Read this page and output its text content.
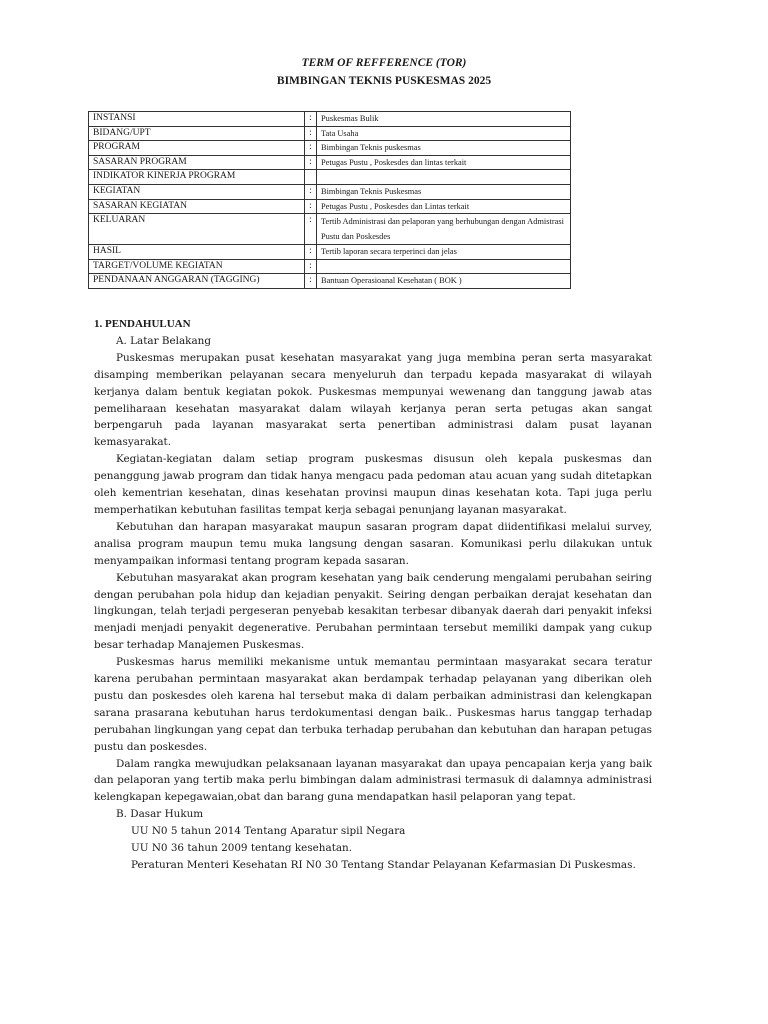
TERM OF REFFERENCE (TOR)
BIMBINGAN TEKNIS PUSKESMAS 2025
INSTANSI	:	Puskesmas Bulik
BIDANG/UPT	:	Tata Usaha
PROGRAM	:	Bimbingan Teknis puskesmas
SASARAN PROGRAM	:	Petugas Pustu , Poskesdes dan lintas terkait
INDIKATOR KINERJA PROGRAM		
KEGIATAN	:	Bimbingan Teknis Puskesmas
SASARAN KEGIATAN	:	Petugas Pustu , Poskesdes dan Lintas terkait
KELUARAN	:	Tertib Administrasi dan pelaporan yang berhubungan dengan Admistrasi Pustu dan Poskesdes
HASIL	:	Tertib laporan secara terperinci dan jelas
TARGET/VOLUME KEGIATAN	:	
PENDANAAN ANGGARAN (TAGGING)	:	Bantuan Operasioanal Kesehatan ( BOK )

1. PENDAHULUAN

A. Latar Belakang

Puskesmas merupakan pusat kesehatan masyarakat yang juga membina peran serta masyarakat disamping memberikan pelayanan secara menyeluruh dan terpadu kepada masyarakat di wilayah kerjanya dalam bentuk kegiatan pokok. Puskesmas mempunyai wewenang dan tanggung jawab atas pemeliharaan kesehatan masyarakat dalam wilayah kerjanya peran serta petugas akan sangat berpengaruh pada layanan masyarakat serta penertiban administrasi dalam pusat layanan kemasyarakat.

Kegiatan-kegiatan dalam setiap program puskesmas disusun oleh kepala puskesmas dan penanggung jawab program dan tidak hanya mengacu pada pedoman atau acuan yang sudah ditetapkan oleh kementrian kesehatan, dinas kesehatan provinsi maupun dinas kesehatan kota. Tapi juga perlu memperhatikan kebutuhan fasilitas tempat kerja sebagai penunjang layanan masyarakat.

Kebutuhan dan harapan masyarakat maupun sasaran program dapat diidentifikasi melalui survey, analisa program maupun temu muka langsung dengan sasaran. Komunikasi perlu dilakukan untuk menyampaikan informasi tentang program kepada sasaran.

Kebutuhan masyarakat akan program kesehatan yang baik cenderung mengalami perubahan seiring dengan perubahan pola hidup dan kejadian penyakit. Seiring dengan perbaikan derajat kesehatan dan lingkungan, telah terjadi pergeseran penyebab kesakitan terbesar dibanyak daerah dari penyakit infeksi menjadi menjadi penyakit degenerative. Perubahan permintaan tersebut memiliki dampak yang cukup besar terhadap Manajemen Puskesmas.

Puskesmas harus memiliki mekanisme untuk memantau permintaan masyarakat secara teratur karena perubahan permintaan masyarakat akan berdampak terhadap pelayanan yang diberikan oleh pustu dan poskesdes oleh karena hal tersebut maka di dalam perbaikan administrasi dan kelengkapan sarana prasarana kebutuhan harus terdokumentasi dengan baik.. Puskesmas harus tanggap terhadap perubahan lingkungan yang cepat dan terbuka terhadap perubahan dan kebutuhan dan harapan petugas pustu dan poskesdes.

Dalam rangka mewujudkan pelaksanaan layanan masyarakat dan upaya pencapaian kerja yang baik dan pelaporan yang tertib maka perlu bimbingan dalam administrasi termasuk di dalamnya administrasi kelengkapan kepegawaian,obat dan barang guna mendapatkan hasil pelaporan yang tepat.

B. Dasar Hukum

UU N0 5 tahun 2014 Tentang Aparatur sipil Negara

UU N0 36 tahun 2009 tentang kesehatan.

Peraturan Menteri Kesehatan RI N0 30 Tentang Standar Pelayanan Kefarmasian Di Puskesmas.
